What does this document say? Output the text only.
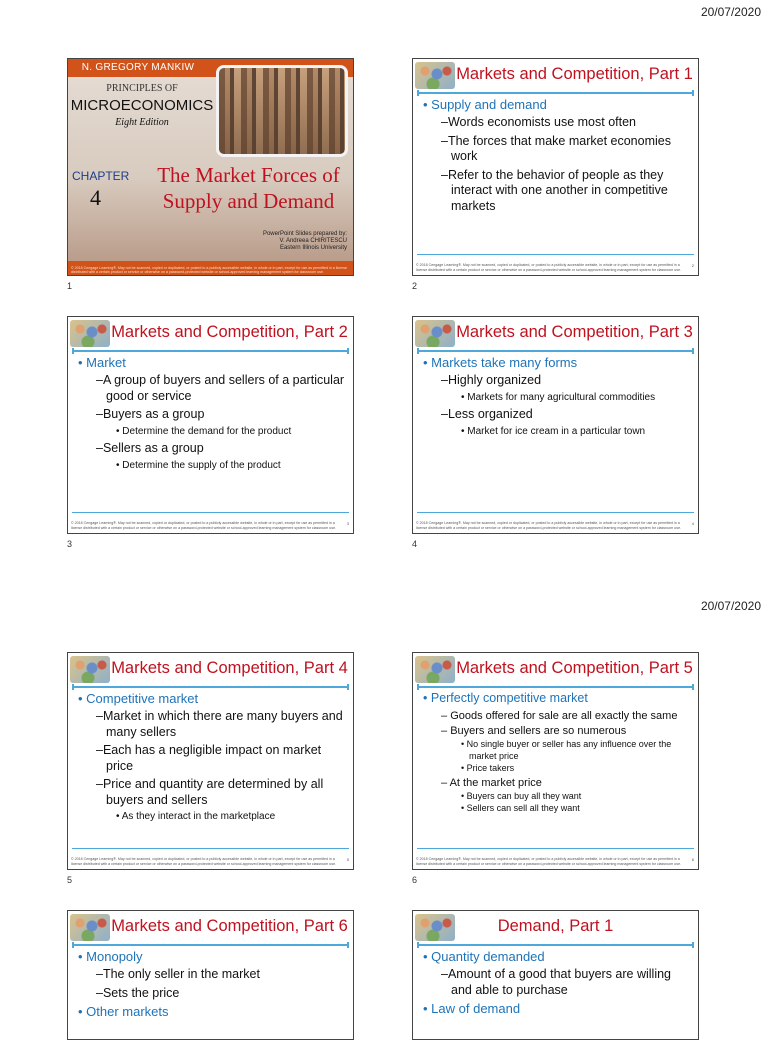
20/07/2020
N. GREGORY MANKIW
PRINCIPLES OF
MICROECONOMICS
Eight Edition
CHAPTER
4
The Market Forces of
Supply and Demand
PowerPoint Slides prepared by:
V. Andreea CHIRITESCU
Eastern Illinois University
© 2018 Cengage Learning®. May not be scanned, copied or duplicated, or posted to a publicly accessible website, in whole or in part, except for use as permitted in a license distributed with a certain product or service or otherwise on a password-protected website or school-approved learning management system for classroom use.
1
Markets and Competition, Part 1
• Supply and demand
–Words economists use most often
–The forces that make market economies work
–Refer to the behavior of people as they interact with one another in competitive markets
© 2018 Cengage Learning®. May not be scanned, copied or duplicated, or posted to a publicly accessible website, in whole or in part, except for use as permitted in a license distributed with a certain product or service or otherwise on a password-protected website or school-approved learning management system for classroom use.
2
2
Markets and Competition, Part 2
• Market
–A group of buyers and sellers of a particular good or service
–Buyers as a group
• Determine the demand for the product
–Sellers as a group
• Determine the supply of the product
© 2018 Cengage Learning®. May not be scanned, copied or duplicated, or posted to a publicly accessible website, in whole or in part, except for use as permitted in a license distributed with a certain product or service or otherwise on a password-protected website or school-approved learning management system for classroom use.
3
3
Markets and Competition, Part 3
• Markets take many forms
–Highly organized
• Markets for many agricultural commodities
–Less organized
• Market for ice cream in a particular town
© 2018 Cengage Learning®. May not be scanned, copied or duplicated, or posted to a publicly accessible website, in whole or in part, except for use as permitted in a license distributed with a certain product or service or otherwise on a password-protected website or school-approved learning management system for classroom use.
4
4
20/07/2020
Markets and Competition, Part 4
• Competitive market
–Market in which there are many buyers and many sellers
–Each has a negligible impact on market price
–Price and quantity are determined by all buyers and sellers
• As they interact in the marketplace
© 2018 Cengage Learning®. May not be scanned, copied or duplicated, or posted to a publicly accessible website, in whole or in part, except for use as permitted in a license distributed with a certain product or service or otherwise on a password-protected website or school-approved learning management system for classroom use.
5
5
Markets and Competition, Part 5
• Perfectly competitive market
– Goods offered for sale are all exactly the same
– Buyers and sellers are so numerous
• No single buyer or seller has any influence over the market price
• Price takers
– At the market price
• Buyers can buy all they want
• Sellers can sell all they want
© 2018 Cengage Learning®. May not be scanned, copied or duplicated, or posted to a publicly accessible website, in whole or in part, except for use as permitted in a license distributed with a certain product or service or otherwise on a password-protected website or school-approved learning management system for classroom use.
6
6
Markets and Competition, Part 6
• Monopoly
–The only seller in the market
–Sets the price
• Other markets
Demand, Part 1
• Quantity demanded
–Amount of a good that buyers are willing and able to purchase
• Law of demand
